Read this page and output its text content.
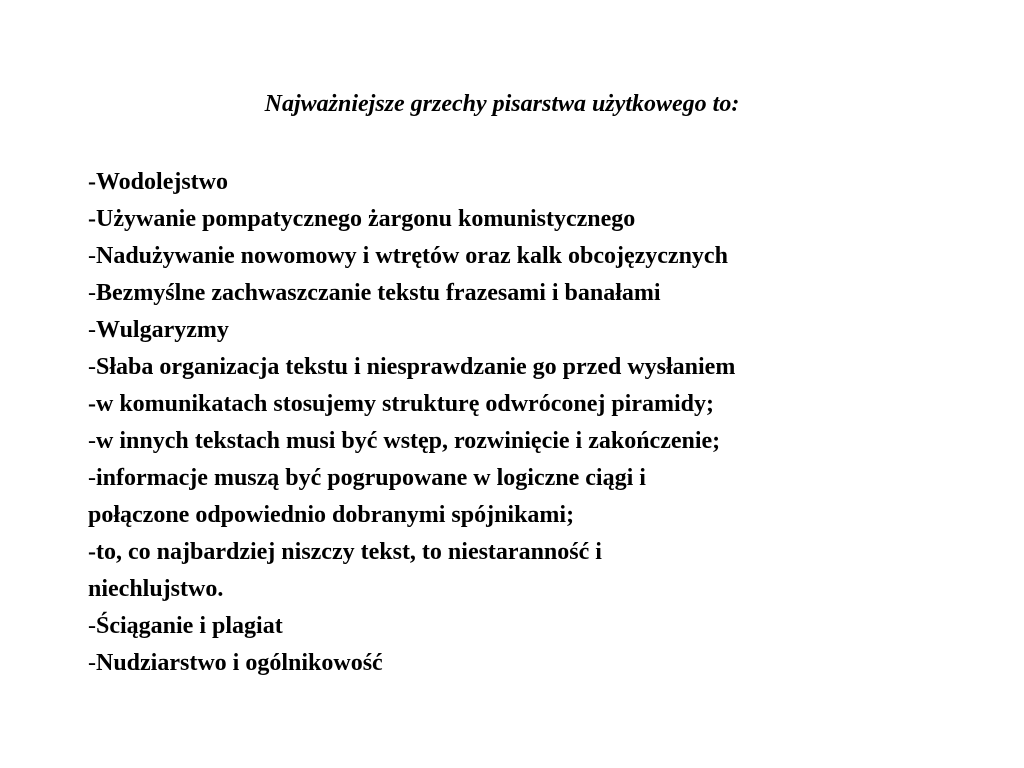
Najważniejsze grzechy pisarstwa użytkowego to:
-Wodolejstwo
-Używanie pompatycznego żargonu komunistycznego
-Nadużywanie nowomowy i wtrętów oraz kalk obcojęzycznych
-Bezmyślne zachwaszczanie tekstu frazesami i banałami
-Wulgaryzmy
-Słaba organizacja tekstu i niesprawdzanie go przed wysłaniem
-w komunikatach stosujemy strukturę odwróconej piramidy;
-w innych tekstach musi być wstęp, rozwinięcie i zakończenie;
-informacje muszą być pogrupowane w logiczne ciągi i
połączone odpowiednio dobranymi spójnikami;
-to, co najbardziej niszczy tekst, to niestaranność i
niechlujstwo.
-Ściąganie i plagiat
-Nudziarstwo i ogólnikowość
